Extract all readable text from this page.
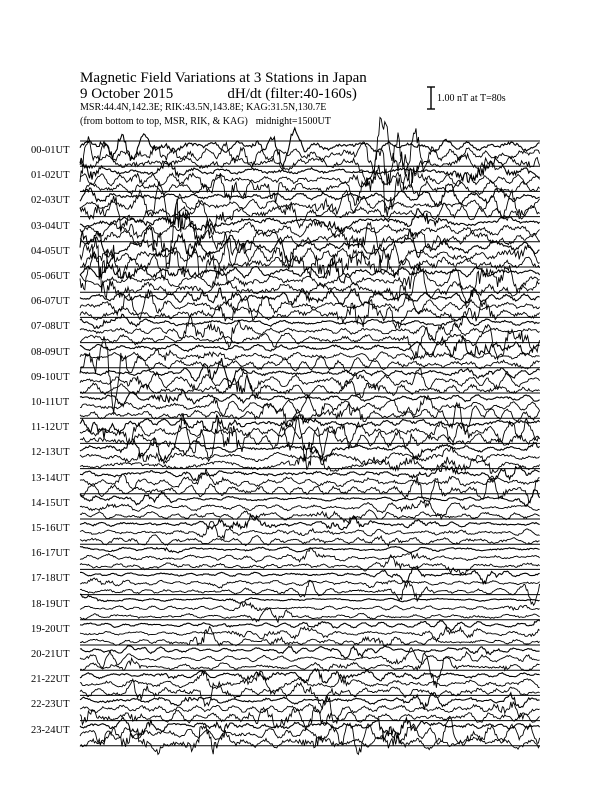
Magnetic Field Variations at 3 Stations in Japan
9 October 2015	dH/dt (filter:40-160s)
MSR:44.4N,142.3E; RIK:43.5N,143.8E; KAG:31.5N,130.7E
(from bottom to top, MSR, RIK, & KAG) midnight=1500UT
1.00 nT at T=80s
00-01UT
01-02UT
02-03UT
03-04UT
04-05UT
05-06UT
06-07UT
07-08UT
08-09UT
09-10UT
10-11UT
11-12UT
12-13UT
13-14UT
14-15UT
15-16UT
16-17UT
17-18UT
18-19UT
19-20UT
20-21UT
21-22UT
22-23UT
23-24UT
